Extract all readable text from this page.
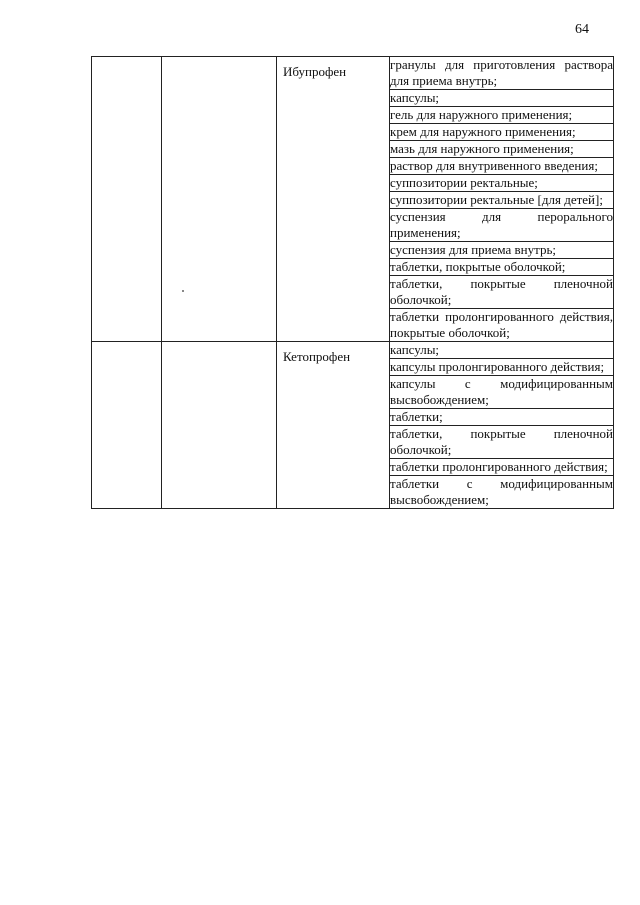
64

		Ибупрофен	гранулы для приготовления раствора для приема внутрь;

			капсулы;

			гель для наружного применения;

			крем для наружного применения;

			мазь для наружного применения;

			раствор для внутривенного введения;

			суппозитории ректальные;

			суппозитории ректальные [для детей];

			суспензия для перорального применения;

			суспензия для приема внутрь;

			таблетки, покрытые оболочкой;

			таблетки, покрытые пленочной оболочкой;

			таблетки пролонгированного действия, покрытые оболочкой;

		Кетопрофен	капсулы;

			капсулы пролонгированного действия;

			капсулы с модифицированным высвобождением;

			таблетки;

			таблетки, покрытые пленочной оболочкой;

			таблетки пролонгированного действия;

			таблетки с модифицированным высвобождением;
